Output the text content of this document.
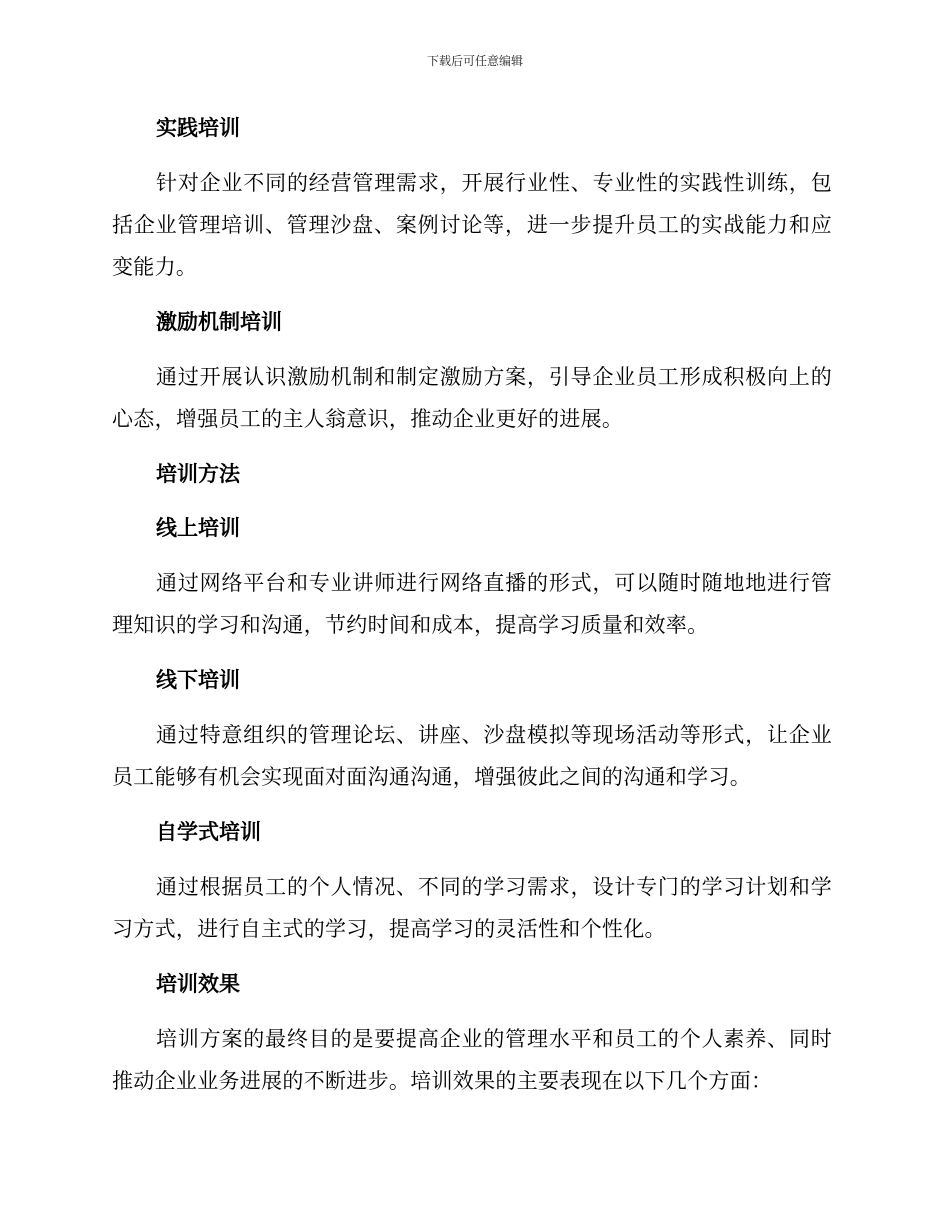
下载后可任意编辑
实践培训

针对企业不同的经营管理需求，开展行业性、专业性的实践性训练，包括企业管理培训、管理沙盘、案例讨论等，进一步提升员工的实战能力和应变能力。

激励机制培训

通过开展认识激励机制和制定激励方案，引导企业员工形成积极向上的心态，增强员工的主人翁意识，推动企业更好的进展。

培训方法
线上培训

通过网络平台和专业讲师进行网络直播的形式，可以随时随地地进行管理知识的学习和沟通，节约时间和成本，提高学习质量和效率。

线下培训

通过特意组织的管理论坛、讲座、沙盘模拟等现场活动等形式，让企业员工能够有机会实现面对面沟通沟通，增强彼此之间的沟通和学习。

自学式培训

通过根据员工的个人情况、不同的学习需求，设计专门的学习计划和学习方式，进行自主式的学习，提高学习的灵活性和个性化。

培训效果

培训方案的最终目的是要提高企业的管理水平和员工的个人素养、同时推动企业业务进展的不断进步。培训效果的主要表现在以下几个方面：
